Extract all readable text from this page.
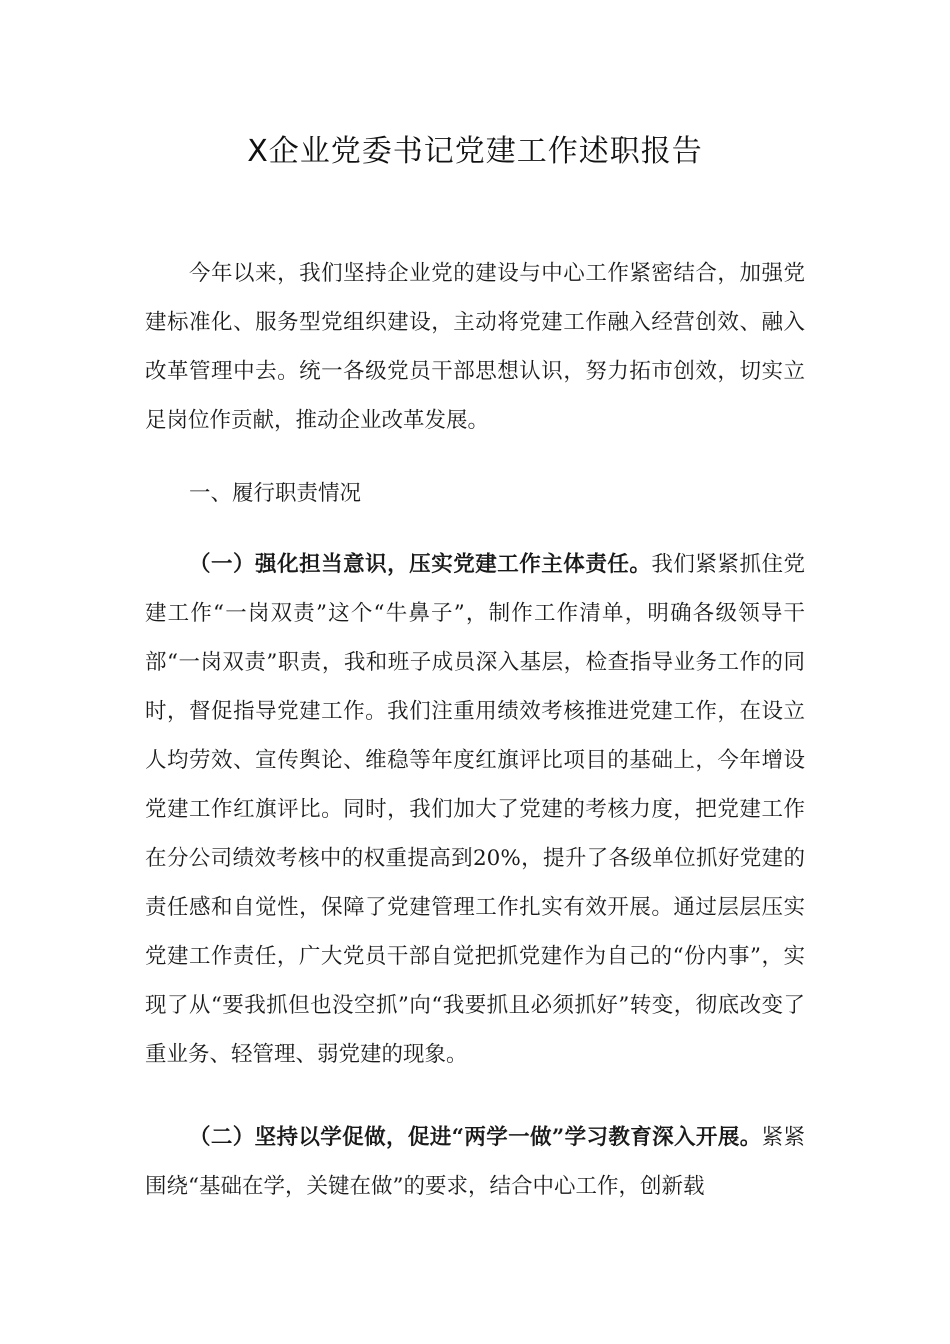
X企业党委书记党建工作述职报告

今年以来，我们坚持企业党的建设与中心工作紧密结合，加强党建标准化、服务型党组织建设，主动将党建工作融入经营创效、融入改革管理中去。统一各级党员干部思想认识，努力拓市创效，切实立足岗位作贡献，推动企业改革发展。

一、履行职责情况

（一）强化担当意识，压实党建工作主体责任。我们紧紧抓住党建工作“一岗双责”这个“牛鼻子”，制作工作清单，明确各级领导干部“一岗双责”职责，我和班子成员深入基层，检查指导业务工作的同时，督促指导党建工作。我们注重用绩效考核推进党建工作，在设立人均劳效、宣传舆论、维稳等年度红旗评比项目的基础上，今年增设党建工作红旗评比。同时，我们加大了党建的考核力度，把党建工作在分公司绩效考核中的权重提高到20%，提升了各级单位抓好党建的责任感和自觉性，保障了党建管理工作扎实有效开展。通过层层压实党建工作责任，广大党员干部自觉把抓党建作为自己的“份内事”，实现了从“要我抓但也没空抓”向“我要抓且必须抓好”转变，彻底改变了重业务、轻管理、弱党建的现象。

（二）坚持以学促做，促进“两学一做”学习教育深入开展。紧紧围绕“基础在学，关键在做”的要求，结合中心工作，创新载
